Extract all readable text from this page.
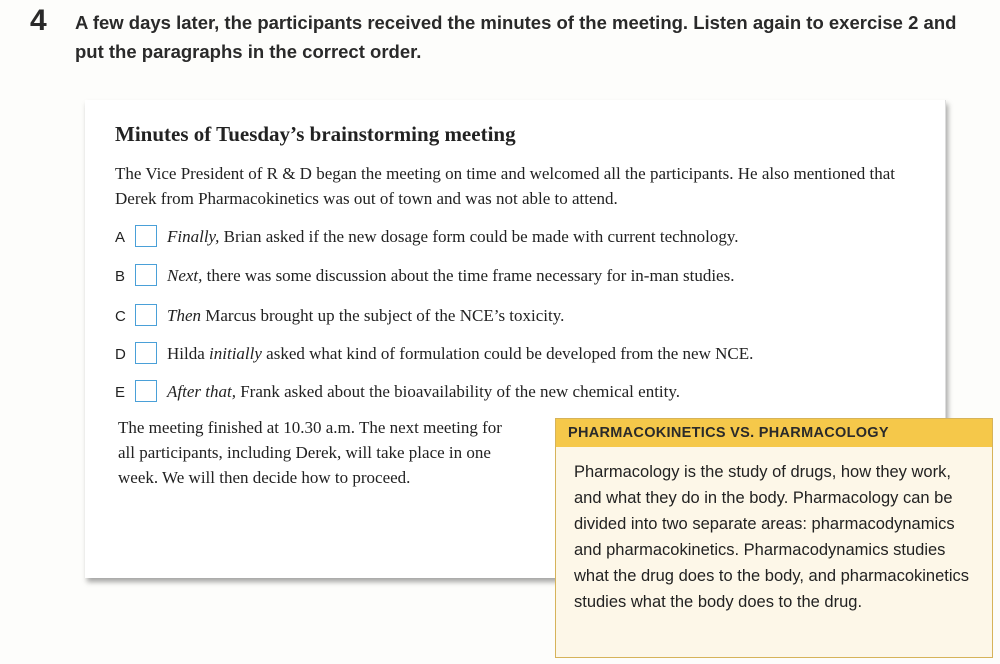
4 A few days later, the participants received the minutes of the meeting. Listen again to exercise 2 and put the paragraphs in the correct order.
Minutes of Tuesday’s brainstorming meeting
The Vice President of R & D began the meeting on time and welcomed all the participants. He also mentioned that Derek from Pharmacokinetics was out of town and was not able to attend.
A Finally, Brian asked if the new dosage form could be made with current technology.
B Next, there was some discussion about the time frame necessary for in-man studies.
C Then Marcus brought up the subject of the NCE’s toxicity.
D Hilda initially asked what kind of formulation could be developed from the new NCE.
E After that, Frank asked about the bioavailability of the new chemical entity.
The meeting finished at 10.30 a.m. The next meeting for all participants, including Derek, will take place in one week. We will then decide how to proceed.
PHARMACOKINETICS VS. PHARMACOLOGY
Pharmacology is the study of drugs, how they work, and what they do in the body. Pharmacology can be divided into two separate areas: pharmacodynamics and pharmacokinetics. Pharmacodynamics studies what the drug does to the body, and pharmacokinetics studies what the body does to the drug.
